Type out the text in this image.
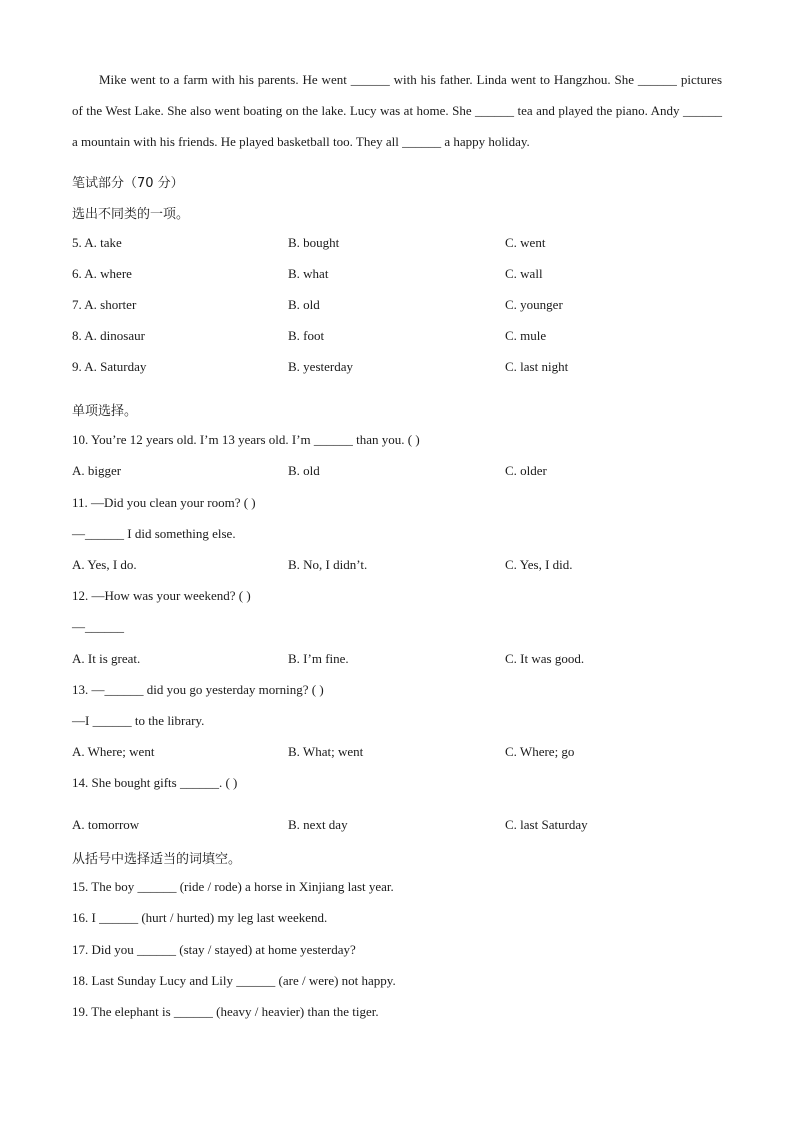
Mike went to a farm with his parents. He went ______ with his father. Linda went to Hangzhou. She ______ pictures of the West Lake. She also went boating on the lake. Lucy was at home. She ______ tea and played the piano. Andy ______ a mountain with his friends. He played basketball too. They all ______ a happy holiday.
笔试部分（70 分）
选出不同类的一项。
5. A. take	B. bought	C. went
6. A. where	B. what	C. wall
7. A. shorter	B. old	C. younger
8. A. dinosaur	B. foot	C. mule
9. A. Saturday	B. yesterday	C. last night
单项选择。
10. You’re 12 years old. I’m 13 years old. I’m ______ than you. ( )
A. bigger	B. old	C. older
11. —Did you clean your room? ( )
—______ I did something else.
A. Yes, I do.	B. No, I didn’t.	C. Yes, I did.
12. —How was your weekend? ( )
—______
A. It is great.	B. I’m fine.	C. It was good.
13. —______ did you go yesterday morning? ( )
—I ______ to the library.
A. Where; went	B. What; went	C. Where; go
14. She bought gifts ______. ( )
A. tomorrow	B. next day	C. last Saturday
从括号中选择适当的词填空。
15. The boy ______ (ride / rode) a horse in Xinjiang last year.
16. I ______ (hurt / hurted) my leg last weekend.
17. Did you ______ (stay / stayed) at home yesterday?
18. Last Sunday Lucy and Lily ______ (are / were) not happy.
19. The elephant is ______ (heavy / heavier) than the tiger.
